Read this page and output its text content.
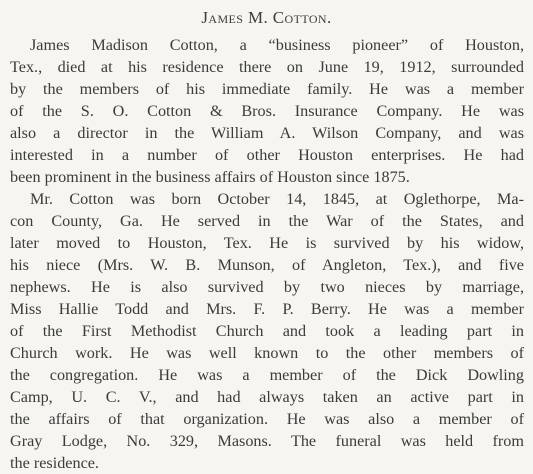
James M. Cotton.
James Madison Cotton, a “business pioneer” of Houston,
Tex., died at his residence there on June 19, 1912, surrounded
by the members of his immediate family. He was a member
of the S. O. Cotton & Bros. Insurance Company. He was
also a director in the William A. Wilson Company, and was
interested in a number of other Houston enterprises. He had
been prominent in the business affairs of Houston since 1875.
Mr. Cotton was born October 14, 1845, at Oglethorpe, Ma-
con County, Ga. He served in the War of the States, and
later moved to Houston, Tex. He is survived by his widow,
his niece (Mrs. W. B. Munson, of Angleton, Tex.), and five
nephews. He is also survived by two nieces by marriage,
Miss Hallie Todd and Mrs. F. P. Berry. He was a member
of the First Methodist Church and took a leading part in
Church work. He was well known to the other members of
the congregation. He was a member of the Dick Dowling
Camp, U. C. V., and had always taken an active part in
the affairs of that organization. He was also a member of
Gray Lodge, No. 329, Masons. The funeral was held from
the residence.
